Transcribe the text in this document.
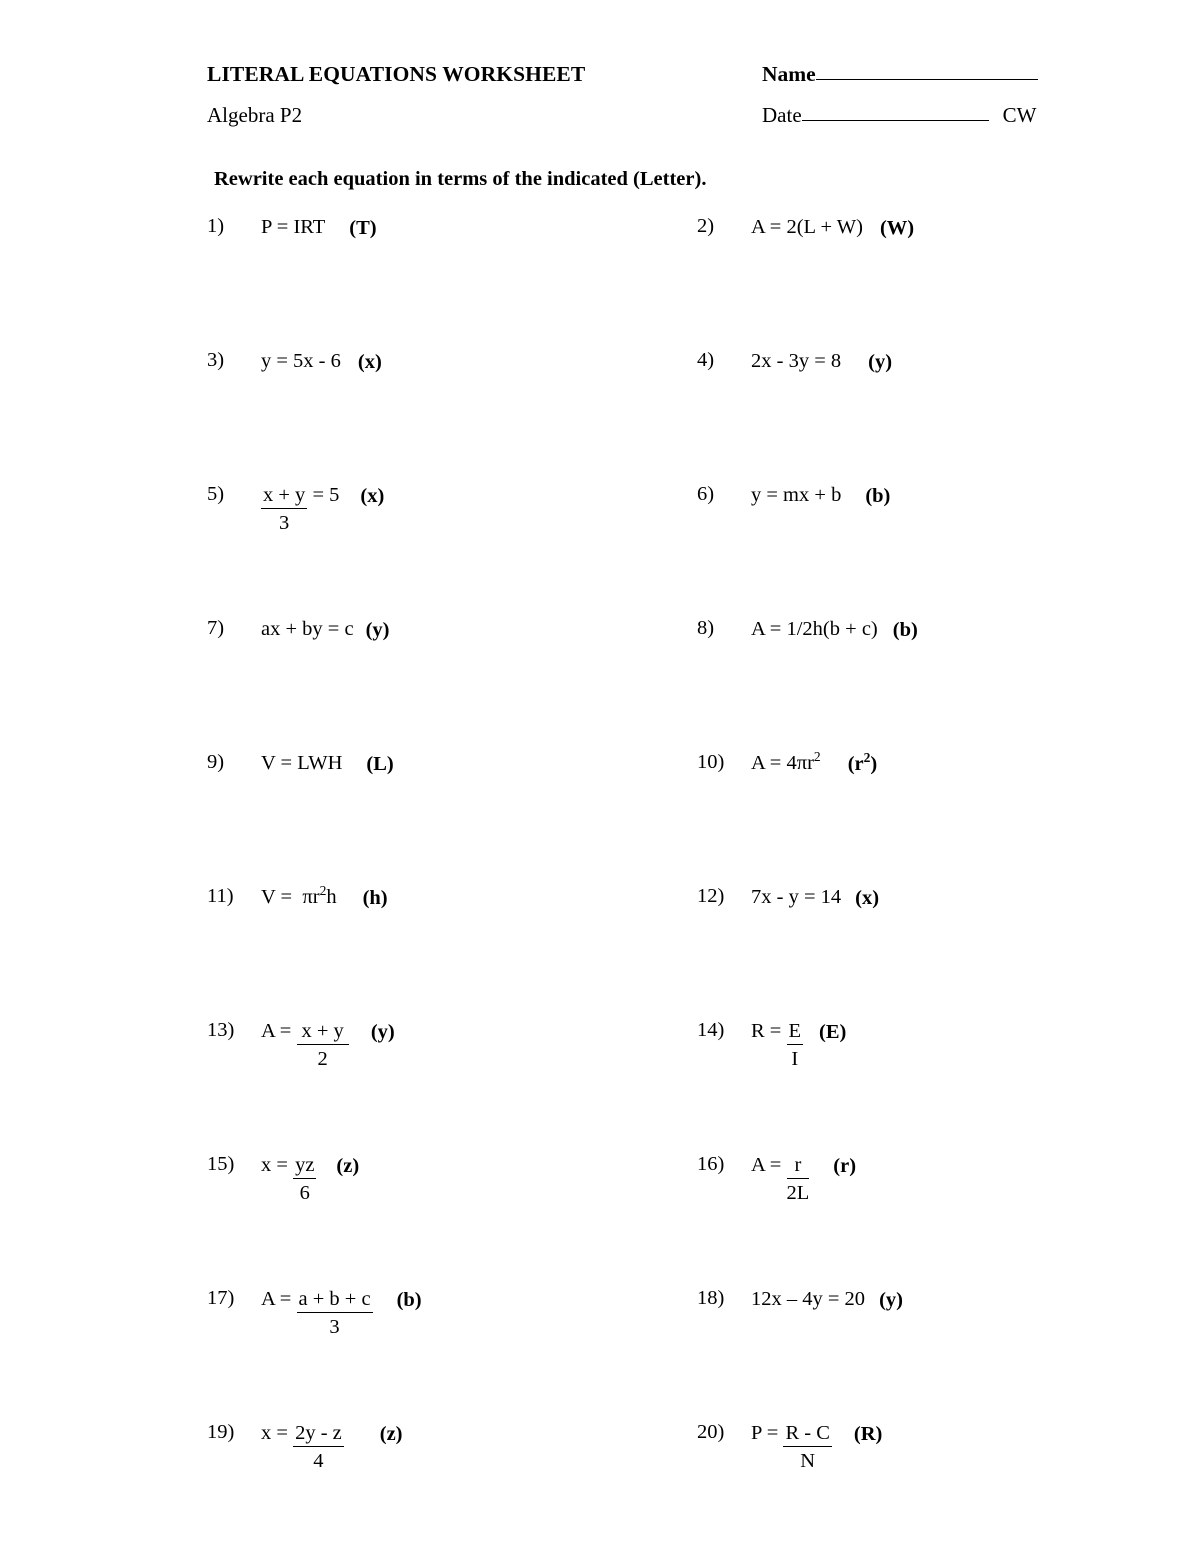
LITERAL EQUATIONS WORKSHEET	Name
Algebra P2	Date	CW
Rewrite each equation in terms of the indicated (Letter).
1)	P = IRT (T)	2)	A = 2(L + W) (W)
3)	y = 5x - 6 (x)	4)	2x - 3y = 8 (y)
5)	$\frac{x + y}{3} = 5$ (x)	6)	y = mx + b (b)
7)	ax + by = c (y)	8)	A = 1/2h(b + c) (b)
9)	V = LWH (L)	10)	$A = 4\pi r^2$ $(r^2)$
11)	$V = \pi r^2h$ (h)	12)	7x - y = 14 (x)
13)	$A = \frac{x + y}{2} (y)$	14)	$R = \frac{E}{I} (E)$
15)	$x = \frac{yz}{6} (z)$	16)	$A = \frac{r}{2L} (r)$
17)	$A = \frac{a + b + c}{3} (b)$	18)	12x – 4y = 20 (y)
19)	$x = \frac{2y - z}{4} (z)$	20)	$P = \frac{R - C}{N} (R)$
